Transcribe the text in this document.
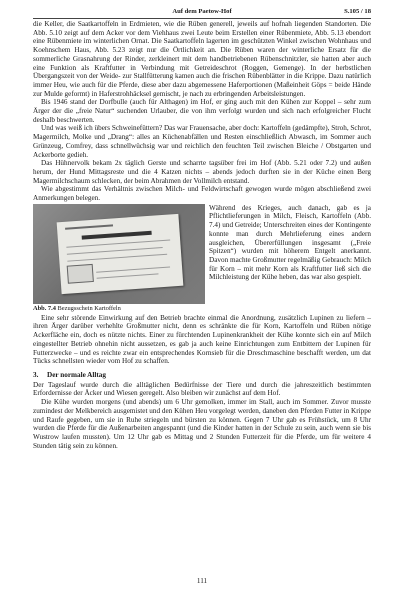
Auf dem Paetow-Hof	S.105 / 18

die Keller, die Saatkartoffeln in Erdmieten, wie die Rüben generell, jeweils auf hofnah liegenden Standorten. Die Abb. 5.10 zeigt auf dem Acker vor dem Viehhaus zwei Leute beim Erstellen einer Rübenmiete, Abb. 5.13 ebendort eine Rübenmiete im winterlichen Ornat. Die Saatkartoffeln lagerten im geschützten Winkel zwischen Wohnhaus und Koehnschem Haus, Abb. 5.23 zeigt nur die Örtlichkeit an. Die Rüben waren der winterliche Ersatz für die sommerliche Grasnahrung der Rinder, zerkleinert mit dem handbetriebenen Rübenschnitzler, sie hatten aber auch eine Funktion als Kraftfutter in Verbindung mit Getreideschrot (Roggen, Gemenge). In der herbstlichen Übergangszeit von der Weide- zur Stallfütterung kamen auch die frischen Rübenblätter in die Krippe. Dazu natürlich immer Heu, wie auch für die Pferde, diese aber dazu abgemessene Haferportionen (Maßeinheit Göps = beide Hände zur Mulde geformt) in Haferstrohhäcksel gemischt, je nach zu erbringenden Arbeitsleistungen.

Bis 1946 stand der Dorfbulle (auch für Althagen) im Hof, er ging auch mit den Kühen zur Koppel – sehr zum Ärger der die „freie Natur“ suchenden Urlauber, die von ihm verfolgt wurden und sich nach erfolgreicher Flucht deshalb beschwerten.

Und was weiß ich übers Schweinefüttern? Das war Frauensache, aber doch: Kartoffeln (gedämpfte), Stroh, Schrot, Magermilch, Molke und „Drang“: alles an Küchenabfällen und Resten einschließlich Abwasch, im Sommer auch Grünzeug, Comfrey, dass schnellwüchsig war und reichlich den feuchten Teil zwischen Bleiche / Obstgarten und Ackerborte gedieh.

Das Hühnervolk bekam 2x täglich Gerste und scharrte tagsüber frei im Hof (Abb. 5.21 oder 7.2) und außen herum, der Hund Mittagsreste und die 4 Katzen nichts – abends jedoch durften sie in der Küche einen Berg Magermilchschaum schlecken, der beim Abrahmen der Vollmilch entstand.

Wie abgestimmt das Verhältnis zwischen Milch- und Feldwirtschaft gewogen wurde mögen abschließend zwei Anmerkungen belegen.

Abb. 7.4 Bezugsschein Kartoffeln

Während des Krieges, auch danach, gab es ja Pflichtlieferungen in Milch, Fleisch, Kartoffeln (Abb. 7.4) und Getreide; Unterschreiten eines der Kontingente konnte man durch Mehrlieferung eines andern ausgleichen, Übererfüllungen insgesamt („Freie Spitzen“) wurden mit höherem Entgelt anerkannt. Davon machte Großmutter regelmäßig Gebrauch: Milch für Korn – mit mehr Korn als Kraftfutter ließ sich die Milchleistung der Kühe heben, das war also gespielt.

Eine sehr störende Einwirkung auf den Betrieb brachte einmal die Anordnung, zusätzlich Lupinen zu liefern – ihren Ärger darüber verhehlte Großmutter nicht, denn es schränkte die für Korn, Kartoffeln und Rüben nötige Ackerfläche ein, doch es nützte nichts. Einer zu fürchtenden Lupinenkrankheit der Kühe konnte sich ein auf Milch eingestellter Betrieb ohnehin nicht aussetzen, es gab ja auch keine Einrichtungen zum Entbittern der Lupinen für Futterzwecke – und es reichte zwar ein entsprechendes Kornsieb für die Dreschmaschine beschafft werden, um dat Tücks schnellsten wieder vom Hof zu schaffen.

3. Der normale Alltag

Der Tageslauf wurde durch die alltäglichen Bedürfnisse der Tiere und durch die jahreszeitlich bestimmten Erfordernisse der Äcker und Wiesen geregelt. Also bleiben wir zunächst auf dem Hof.

Die Kühe wurden morgens (und abends) um 6 Uhr gemolken, immer im Stall, auch im Sommer. Zuvor musste zumindest der Melkbereich ausgemistet und den Kühen Heu vorgelegt werden, daneben den Pferden Futter in Krippe und Raufe gegeben, um sie in Ruhe striegeln und bürsten zu können. Gegen 7 Uhr gab es Frühstück, um 8 Uhr wurden die Pferde für die Außenarbeiten angespannt (und die Kinder hatten in der Schule zu sein, auch wenn sie bis Wustrow laufen mussten). Um 12 Uhr gab es Mittag und 2 Stunden Futterzeit für die Pferde, um für weitere 4 Stunden tätig sein zu können.

111
